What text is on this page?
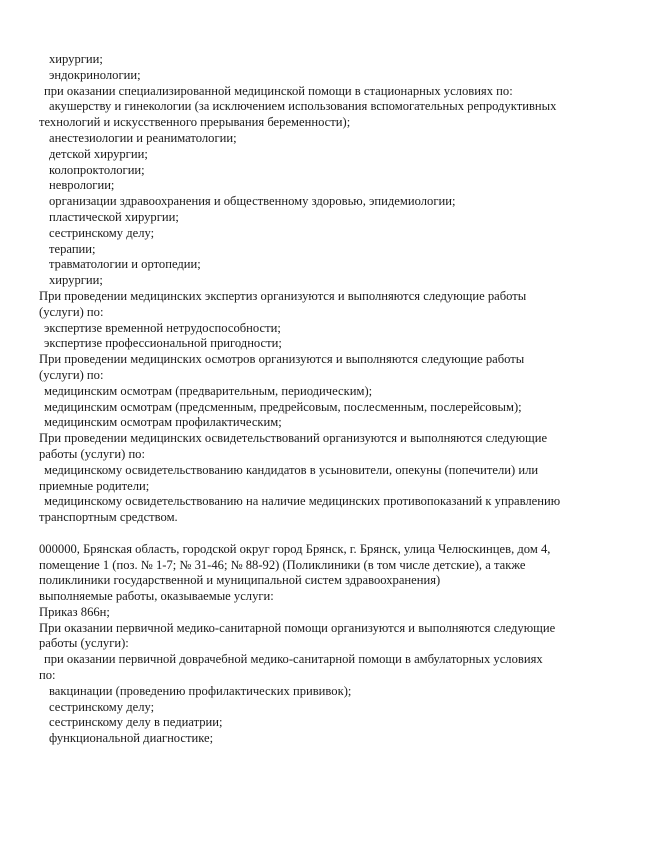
хирургии;
эндокринологии;
при оказании специализированной медицинской помощи в стационарных условиях по:
акушерству и гинекологии (за исключением использования вспомогательных репродуктивных
технологий и искусственного прерывания беременности);
анестезиологии и реаниматологии;
детской хирургии;
колопроктологии;
неврологии;
организации здравоохранения и общественному здоровью, эпидемиологии;
пластической хирургии;
сестринскому делу;
терапии;
травматологии и ортопедии;
хирургии;
При проведении медицинских экспертиз организуются и выполняются следующие работы
(услуги) по:
экспертизе временной нетрудоспособности;
экспертизе профессиональной пригодности;
При проведении медицинских осмотров организуются и выполняются следующие работы
(услуги) по:
медицинским осмотрам (предварительным, периодическим);
медицинским осмотрам (предсменным, предрейсовым, послесменным, послерейсовым);
медицинским осмотрам профилактическим;
При проведении медицинских освидетельствований организуются и выполняются следующие
работы (услуги) по:
медицинскому освидетельствованию кандидатов в усыновители, опекуны (попечители) или
приемные родители;
медицинскому освидетельствованию на наличие медицинских противопоказаний к управлению
транспортным средством.
000000, Брянская область, городской округ город Брянск, г. Брянск, улица Челюскинцев, дом 4,
помещение 1 (поз. № 1-7; № 31-46; № 88-92) (Поликлиники (в том числе детские), а также
поликлиники государственной и муниципальной систем здравоохранения)
выполняемые работы, оказываемые услуги:
Приказ 866н;
При оказании первичной медико-санитарной помощи организуются и выполняются следующие
работы (услуги):
при оказании первичной доврачебной медико-санитарной помощи в амбулаторных условиях
по:
вакцинации (проведению профилактических прививок);
сестринскому делу;
сестринскому делу в педиатрии;
функциональной диагностике;
